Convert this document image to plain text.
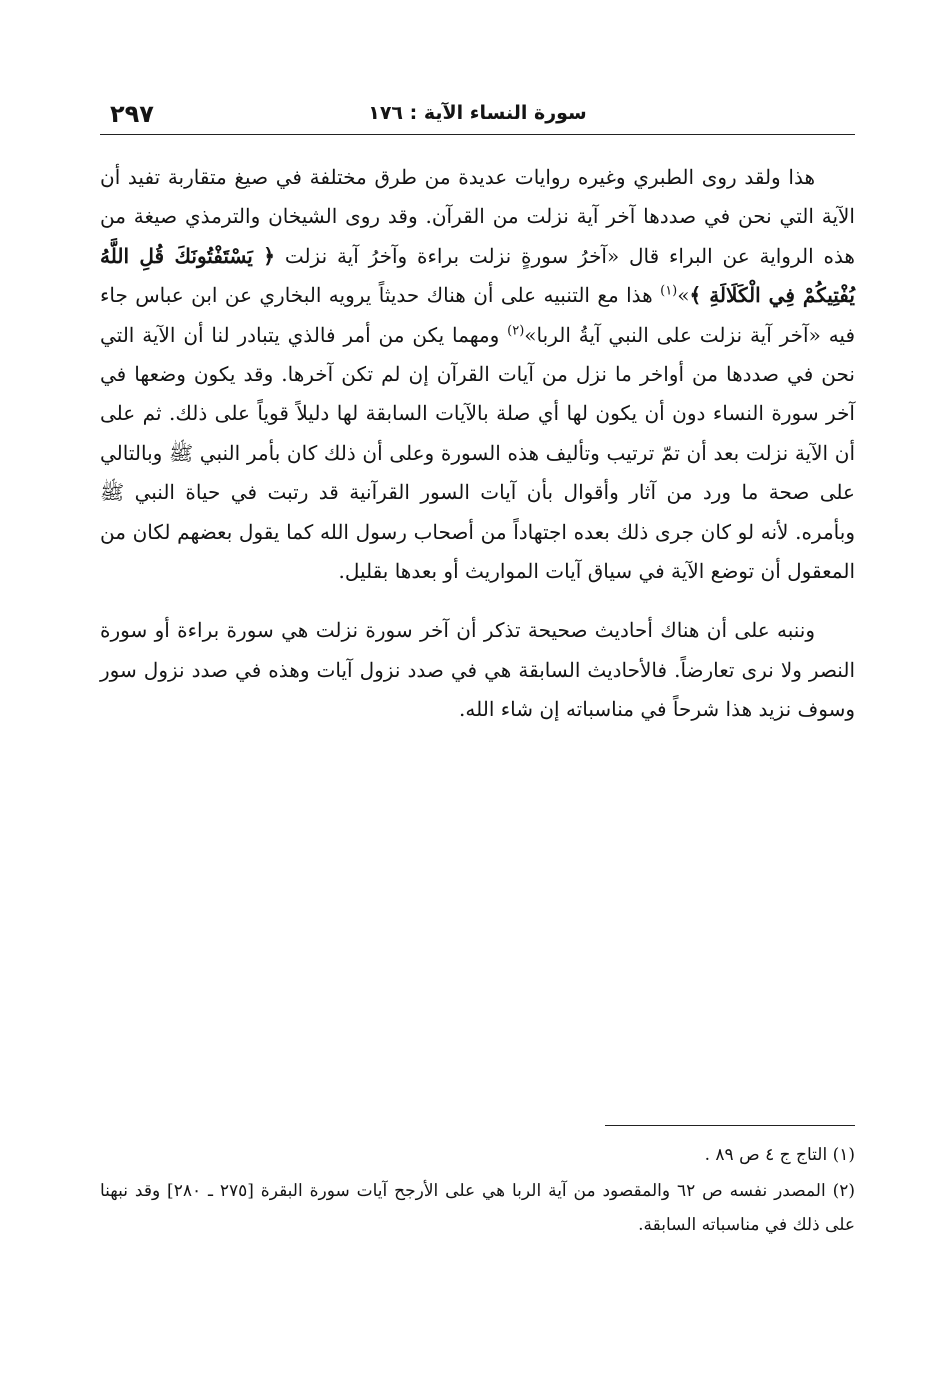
٢٩٧	سورة النساء الآية : ١٧٦

هذا ولقد روى الطبري وغيره روايات عديدة من طرق مختلفة في صيغ متقاربة تفيد أن الآية التي نحن في صددها آخر آية نزلت من القرآن. وقد روى الشيخان والترمذي صيغة من هذه الرواية عن البراء قال «آخرُ سورةٍ نزلت براءة وآخرُ آية نزلت ﴿ يَسْتَفْتُونَكَ قُلِ اللَّهُ يُفْتِيكُمْ فِي الْكَلَالَةِ ﴾»$^{(١)}$ هذا مع التنبيه على أن هناك حديثاً يرويه البخاري عن ابن عباس جاء فيه «آخر آية نزلت على النبي آيةُ الربا»$^{(٢)}$ ومهما يكن من أمر فالذي يتبادر لنا أن الآية التي نحن في صددها من أواخر ما نزل من آيات القرآن إن لم تكن آخرها. وقد يكون وضعها في آخر سورة النساء دون أن يكون لها أي صلة بالآيات السابقة لها دليلاً قوياً على ذلك. ثم على أن الآية نزلت بعد أن تمّ ترتيب وتأليف هذه السورة وعلى أن ذلك كان بأمر النبي ﷺ وبالتالي على صحة ما ورد من آثار وأقوال بأن آيات السور القرآنية قد رتبت في حياة النبي ﷺ وبأمره. لأنه لو كان جرى ذلك بعده اجتهاداً من أصحاب رسول الله كما يقول بعضهم لكان من المعقول أن توضع الآية في سياق آيات المواريث أو بعدها بقليل.

وننبه على أن هناك أحاديث صحيحة تذكر أن آخر سورة نزلت هي سورة براءة أو سورة النصر ولا نرى تعارضاً. فالأحاديث السابقة هي في صدد نزول آيات وهذه في صدد نزول سور وسوف نزيد هذا شرحاً في مناسباته إن شاء الله.

(١) التاج ج ٤ ص ٨٩ .

(٢) المصدر نفسه ص ٦٢ والمقصود من آية الربا هي على الأرجح آيات سورة البقرة [٢٧٥ ـ ٢٨٠] وقد نبهنا على ذلك في مناسباته السابقة.
